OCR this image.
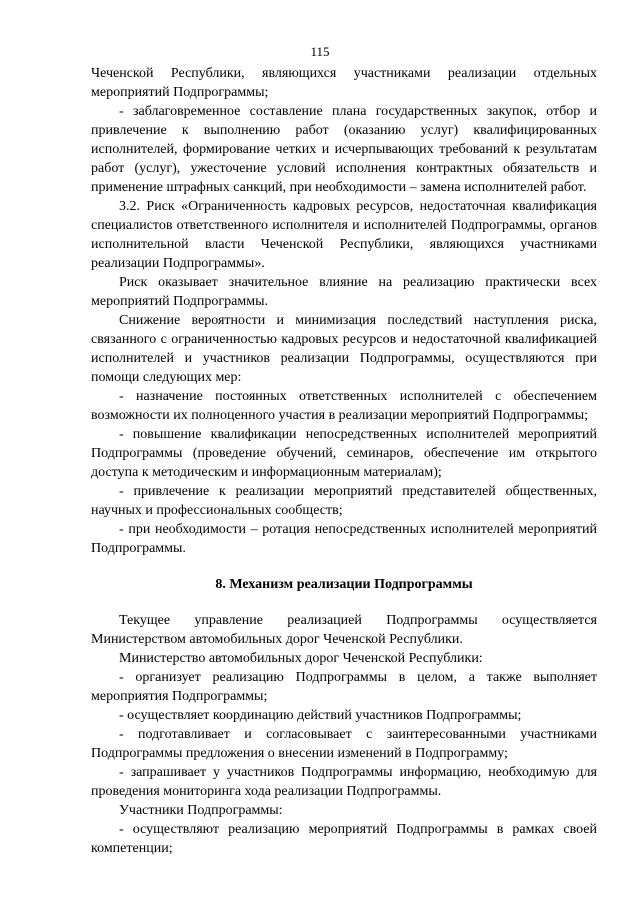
115

Чеченской Республики, являющихся участниками реализации отдельных мероприятий Подпрограммы;

- заблаговременное составление плана государственных закупок, отбор и привлечение к выполнению работ (оказанию услуг) квалифицированных исполнителей, формирование четких и исчерпывающих требований к результатам работ (услуг), ужесточение условий исполнения контрактных обязательств и применение штрафных санкций, при необходимости – замена исполнителей работ.

3.2. Риск «Ограниченность кадровых ресурсов, недостаточная квалификация специалистов ответственного исполнителя и исполнителей Подпрограммы, органов исполнительной власти Чеченской Республики, являющихся участниками реализации Подпрограммы».

Риск оказывает значительное влияние на реализацию практически всех мероприятий Подпрограммы.

Снижение вероятности и минимизация последствий наступления риска, связанного с ограниченностью кадровых ресурсов и недостаточной квалификацией исполнителей и участников реализации Подпрограммы, осуществляются при помощи следующих мер:

- назначение постоянных ответственных исполнителей с обеспечением возможности их полноценного участия в реализации мероприятий Подпрограммы;

- повышение квалификации непосредственных исполнителей мероприятий Подпрограммы (проведение обучений, семинаров, обеспечение им открытого доступа к методическим и информационным материалам);

- привлечение к реализации мероприятий представителей общественных, научных и профессиональных сообществ;

- при необходимости – ротация непосредственных исполнителей мероприятий Подпрограммы.

8. Механизм реализации Подпрограммы

Текущее управление реализацией Подпрограммы осуществляется Министерством автомобильных дорог Чеченской Республики.

Министерство автомобильных дорог Чеченской Республики:

- организует реализацию Подпрограммы в целом, а также выполняет мероприятия Подпрограммы;

- осуществляет координацию действий участников Подпрограммы;

- подготавливает и согласовывает с заинтересованными участниками Подпрограммы предложения о внесении изменений в Подпрограмму;

- запрашивает у участников Подпрограммы информацию, необходимую для проведения мониторинга хода реализации Подпрограммы.

Участники Подпрограммы:

- осуществляют реализацию мероприятий Подпрограммы в рамках своей компетенции;
